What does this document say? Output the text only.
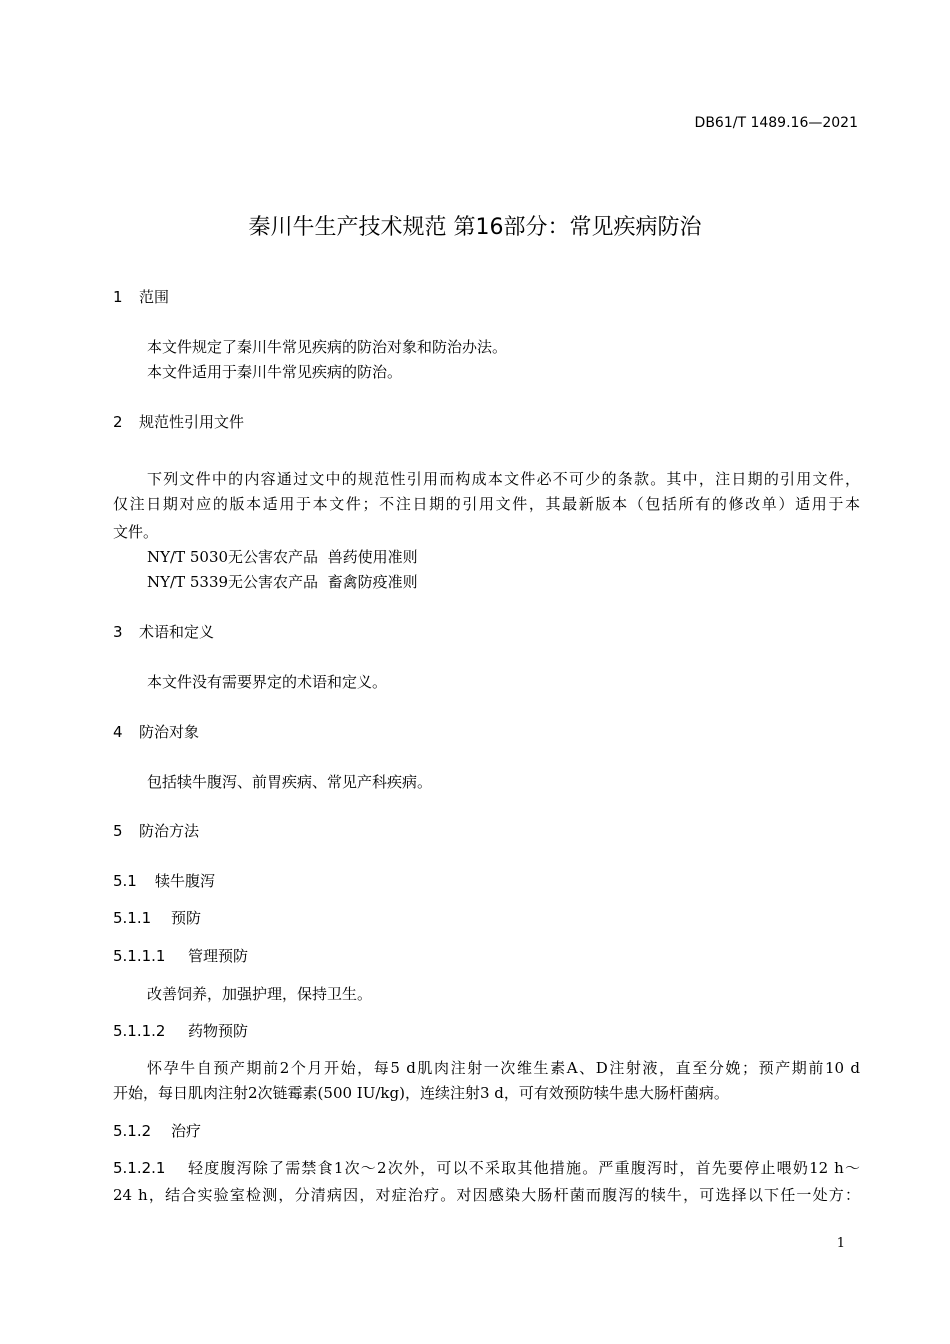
DB61/T 1489.16—2021
秦川牛生产技术规范 第16部分：常见疾病防治
1 范围
本文件规定了秦川牛常见疾病的防治对象和防治办法。
本文件适用于秦川牛常见疾病的防治。
2 规范性引用文件
下列文件中的内容通过文中的规范性引用而构成本文件必不可少的条款。其中，注日期的引用文件，
仅注日期对应的版本适用于本文件；不注日期的引用文件，其最新版本（包括所有的修改单）适用于本
文件。
NY/T 5030无公害农产品  兽药使用准则
NY/T 5339无公害农产品  畜禽防疫准则
3 术语和定义
本文件没有需要界定的术语和定义。
4 防治对象
包括犊牛腹泻、前胃疾病、常见产科疾病。
5 防治方法
5.1 犊牛腹泻
5.1.1 预防
5.1.1.1 管理预防
改善饲养，加强护理，保持卫生。
5.1.1.2 药物预防
怀孕牛自预产期前2个月开始，每5 d肌肉注射一次维生素A、D注射液，直至分娩；预产期前10 d
开始，每日肌肉注射2次链霉素(500 IU/kg)，连续注射3 d，可有效预防犊牛患大肠杆菌病。
5.1.2 治疗
5.1.2.1	轻度腹泻除了需禁食1次～2次外，可以不采取其他措施。严重腹泻时，首先要停止喂奶12 h～
24 h，结合实验室检测，分清病因，对症治疗。对因感染大肠杆菌而腹泻的犊牛，可选择以下任一处方：
1
